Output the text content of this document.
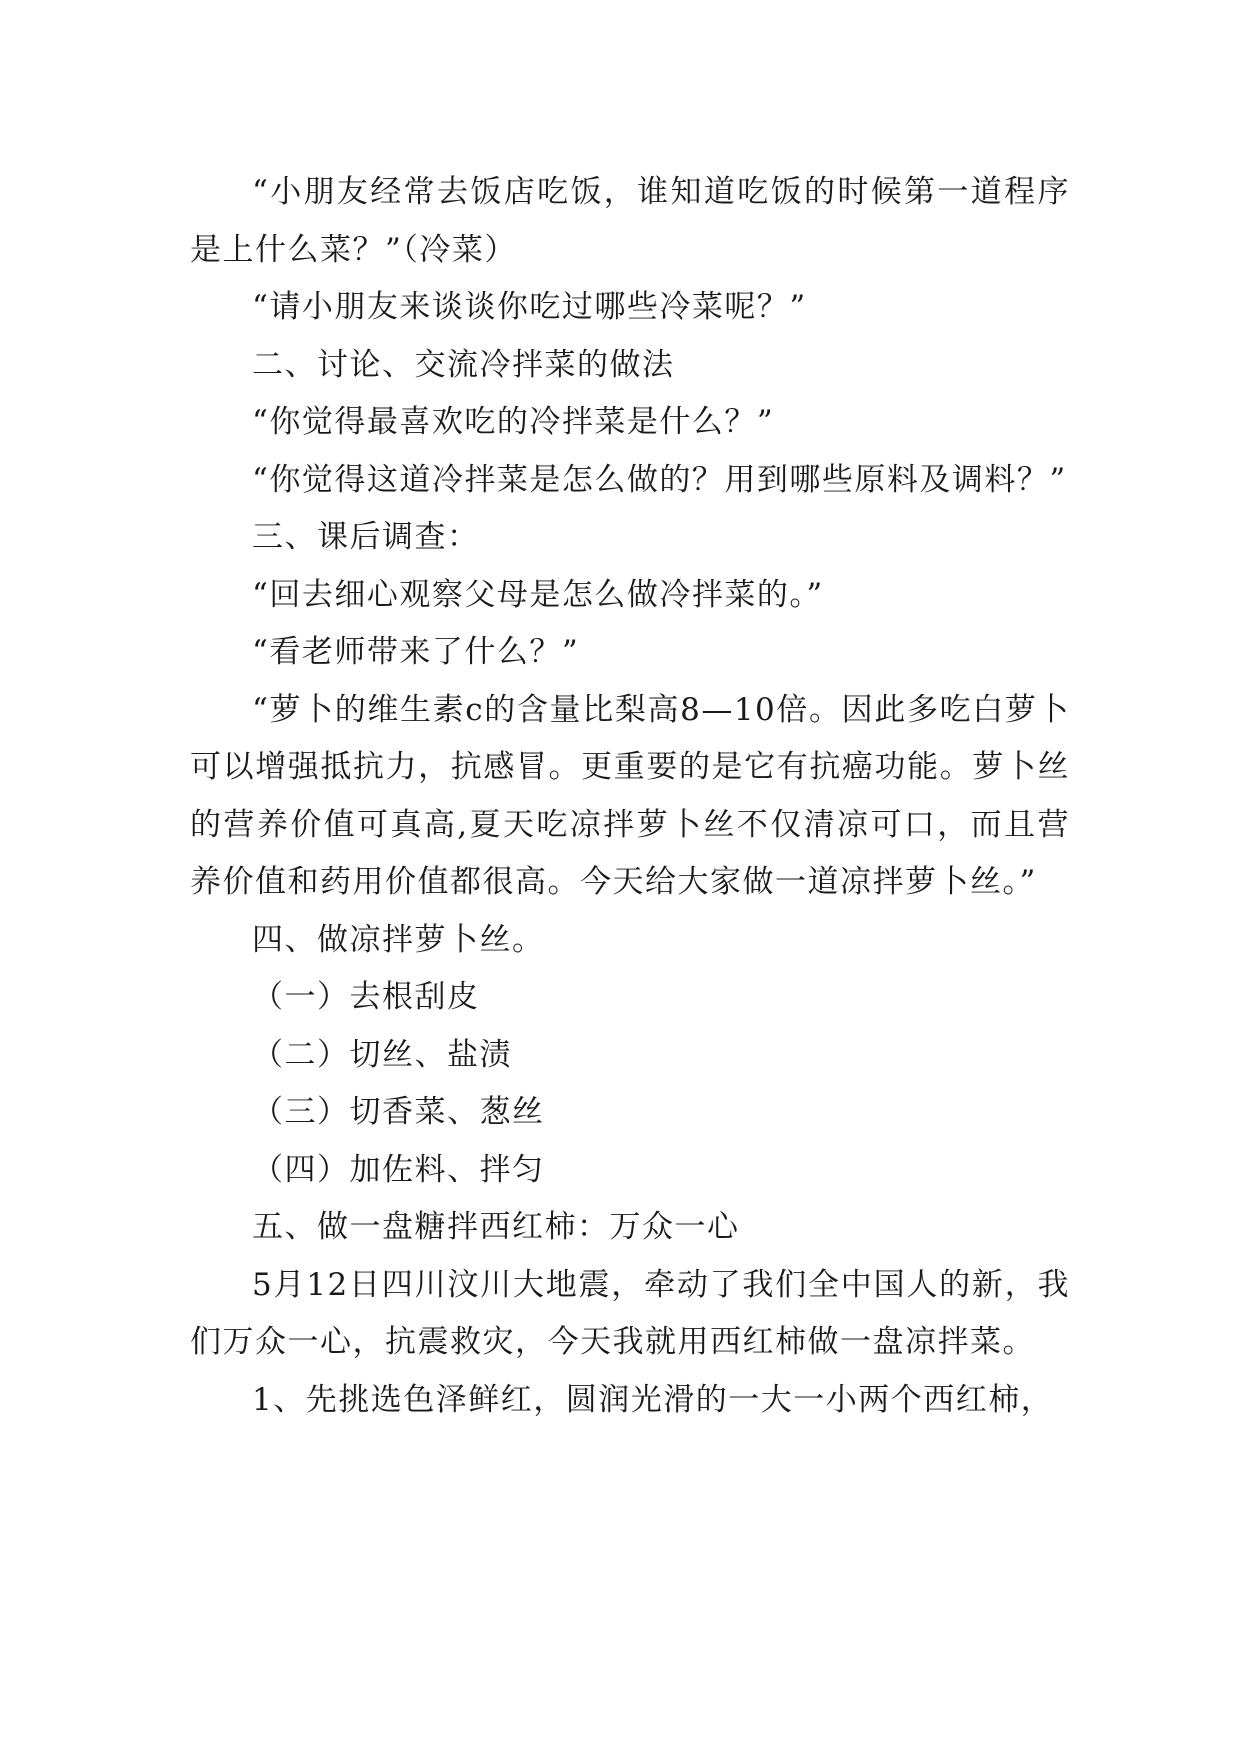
“小朋友经常去饭店吃饭，谁知道吃饭的时候第一道程序是上什么菜？”（冷菜）

“请小朋友来谈谈你吃过哪些冷菜呢？”

二、讨论、交流冷拌菜的做法

“你觉得最喜欢吃的冷拌菜是什么？”

“你觉得这道冷拌菜是怎么做的？用到哪些原料及调料？”

三、课后调查：

“回去细心观察父母是怎么做冷拌菜的。”

“看老师带来了什么？”

“萝卜的维生素c的含量比梨高8—10倍。因此多吃白萝卜可以增强抵抗力，抗感冒。更重要的是它有抗癌功能。萝卜丝的营养价值可真高,夏天吃凉拌萝卜丝不仅清凉可口，而且营养价值和药用价值都很高。今天给大家做一道凉拌萝卜丝。”

四、做凉拌萝卜丝。

（一）去根刮皮

（二）切丝、盐渍

（三）切香菜、葱丝

（四）加佐料、拌匀

五、做一盘糖拌西红柿：万众一心

5月12日四川汶川大地震，牵动了我们全中国人的新，我们万众一心，抗震救灾，今天我就用西红柿做一盘凉拌菜。

1、先挑选色泽鲜红，圆润光滑的一大一小两个西红柿，
